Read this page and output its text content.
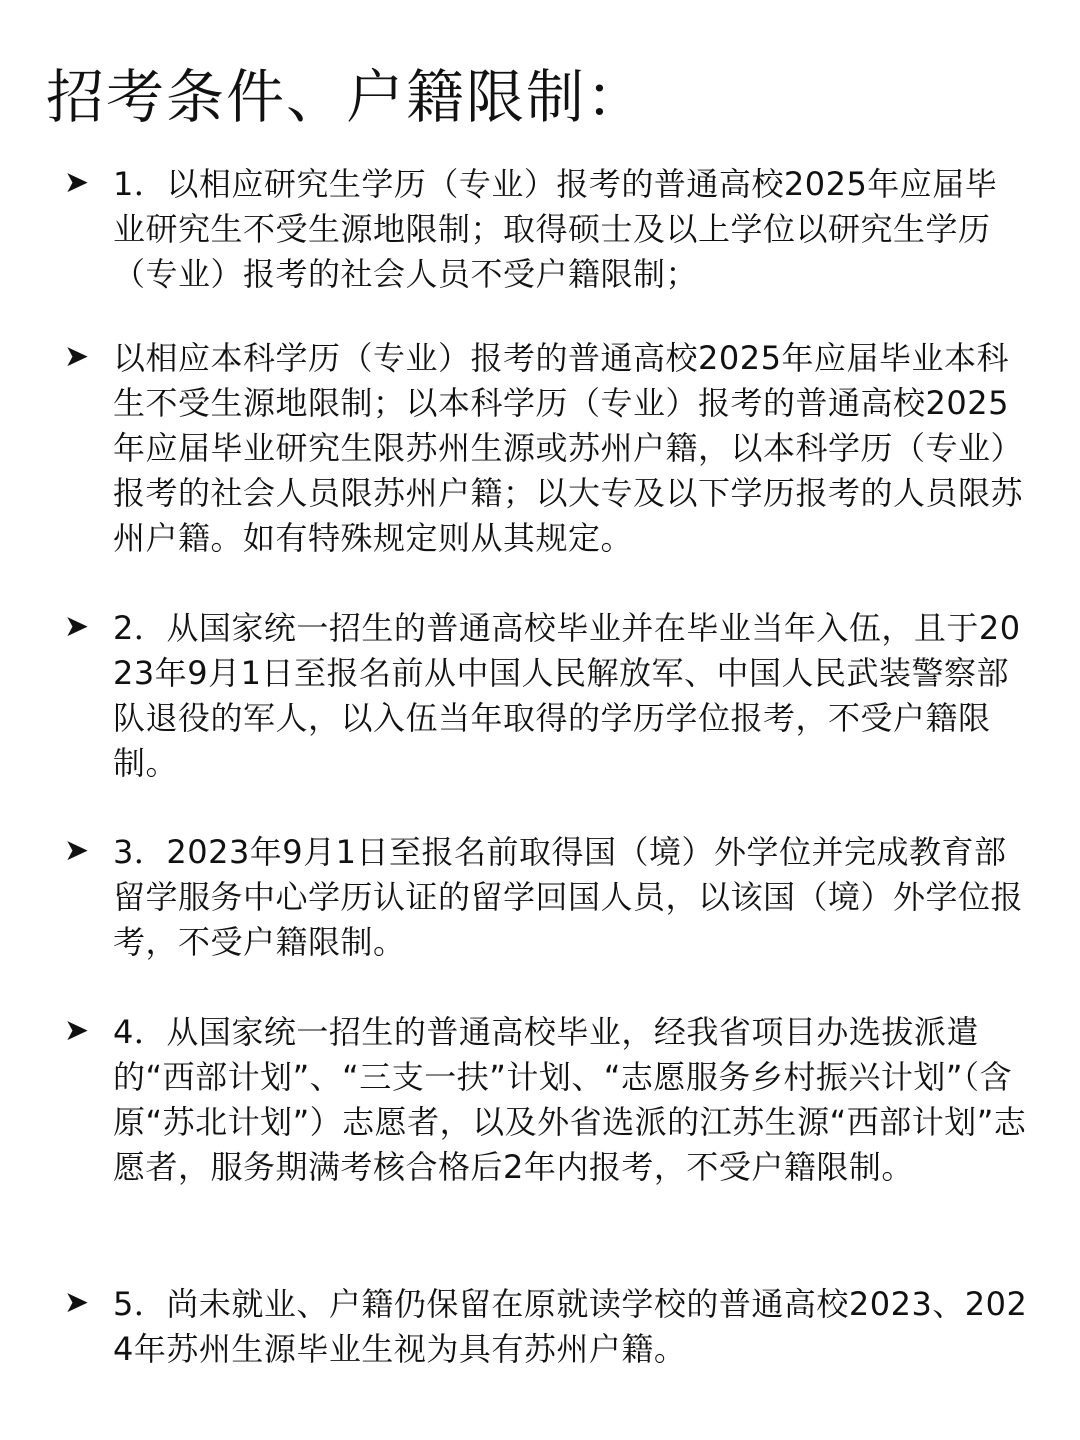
招考条件、户籍限制：
➤ 1．以相应研究生学历（专业）报考的普通高校2025年应届毕业研究生不受生源地限制；取得硕士及以上学位以研究生学历（专业）报考的社会人员不受户籍限制；

➤ 以相应本科学历（专业）报考的普通高校2025年应届毕业本科生不受生源地限制；以本科学历（专业）报考的普通高校2025年应届毕业研究生限苏州生源或苏州户籍，以本科学历（专业）报考的社会人员限苏州户籍；以大专及以下学历报考的人员限苏州户籍。如有特殊规定则从其规定。

➤ 2．从国家统一招生的普通高校毕业并在毕业当年入伍，且于2023年9月1日至报名前从中国人民解放军、中国人民武装警察部队退役的军人，以入伍当年取得的学历学位报考，不受户籍限制。

➤ 3．2023年9月1日至报名前取得国（境）外学位并完成教育部留学服务中心学历认证的留学回国人员，以该国（境）外学位报考，不受户籍限制。

➤ 4．从国家统一招生的普通高校毕业，经我省项目办选拔派遣的“西部计划”、“三支一扶”计划、“志愿服务乡村振兴计划”（含原“苏北计划”）志愿者，以及外省选派的江苏生源“西部计划”志愿者，服务期满考核合格后2年内报考，不受户籍限制。

➤ 5．尚未就业、户籍仍保留在原就读学校的普通高校2023、2024年苏州生源毕业生视为具有苏州户籍。
